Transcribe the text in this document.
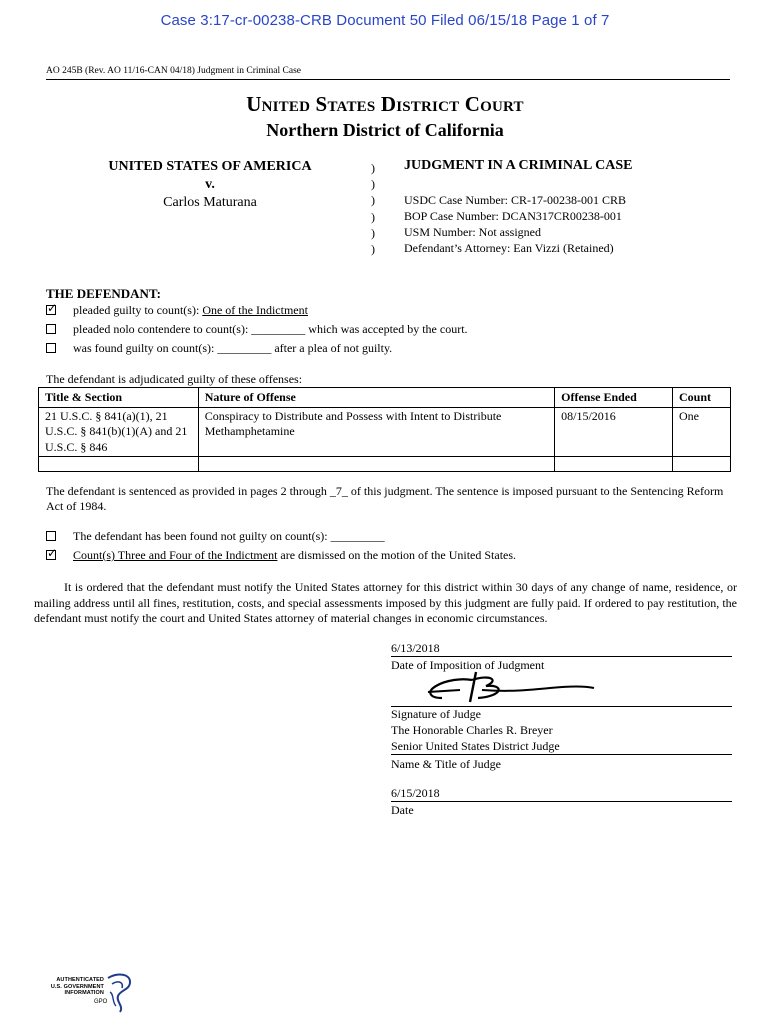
Case 3:17-cr-00238-CRB Document 50 Filed 06/15/18 Page 1 of 7
AO 245B (Rev. AO 11/16-CAN 04/18) Judgment in Criminal Case
United States District Court
Northern District of California
UNITED STATES OF AMERICA
v.
Carlos Maturana
)
)
)
)
)
)
JUDGMENT IN A CRIMINAL CASE
USDC Case Number: CR-17-00238-001 CRB
BOP Case Number: DCAN317CR00238-001
USM Number: Not assigned
Defendant’s Attorney: Ean Vizzi (Retained)
THE DEFENDANT:
✓ pleaded guilty to count(s): One of the Indictment
pleaded nolo contendere to count(s): _________ which was accepted by the court.
was found guilty on count(s): _________ after a plea of not guilty.
The defendant is adjudicated guilty of these offenses:
Title & Section	Nature of Offense	Offense Ended	Count
21 U.S.C. § 841(a)(1), 21 U.S.C. § 841(b)(1)(A) and 21 U.S.C. § 846	Conspiracy to Distribute and Possess with Intent to Distribute Methamphetamine	08/15/2016	One

The defendant is sentenced as provided in pages 2 through _7_ of this judgment. The sentence is imposed pursuant to the Sentencing Reform Act of 1984.
The defendant has been found not guilty on count(s): _________
✓ Count(s) Three and Four of the Indictment are dismissed on the motion of the United States.
It is ordered that the defendant must notify the United States attorney for this district within 30 days of any change of name, residence, or mailing address until all fines, restitution, costs, and special assessments imposed by this judgment are fully paid. If ordered to pay restitution, the defendant must notify the court and United States attorney of material changes in economic circumstances.
6/13/2018
Date of Imposition of Judgment
Signature of Judge
The Honorable Charles R. Breyer
Senior United States District Judge
Name & Title of Judge
6/15/2018
Date
AUTHENTICATED
U.S. GOVERNMENT
INFORMATION
GPO
